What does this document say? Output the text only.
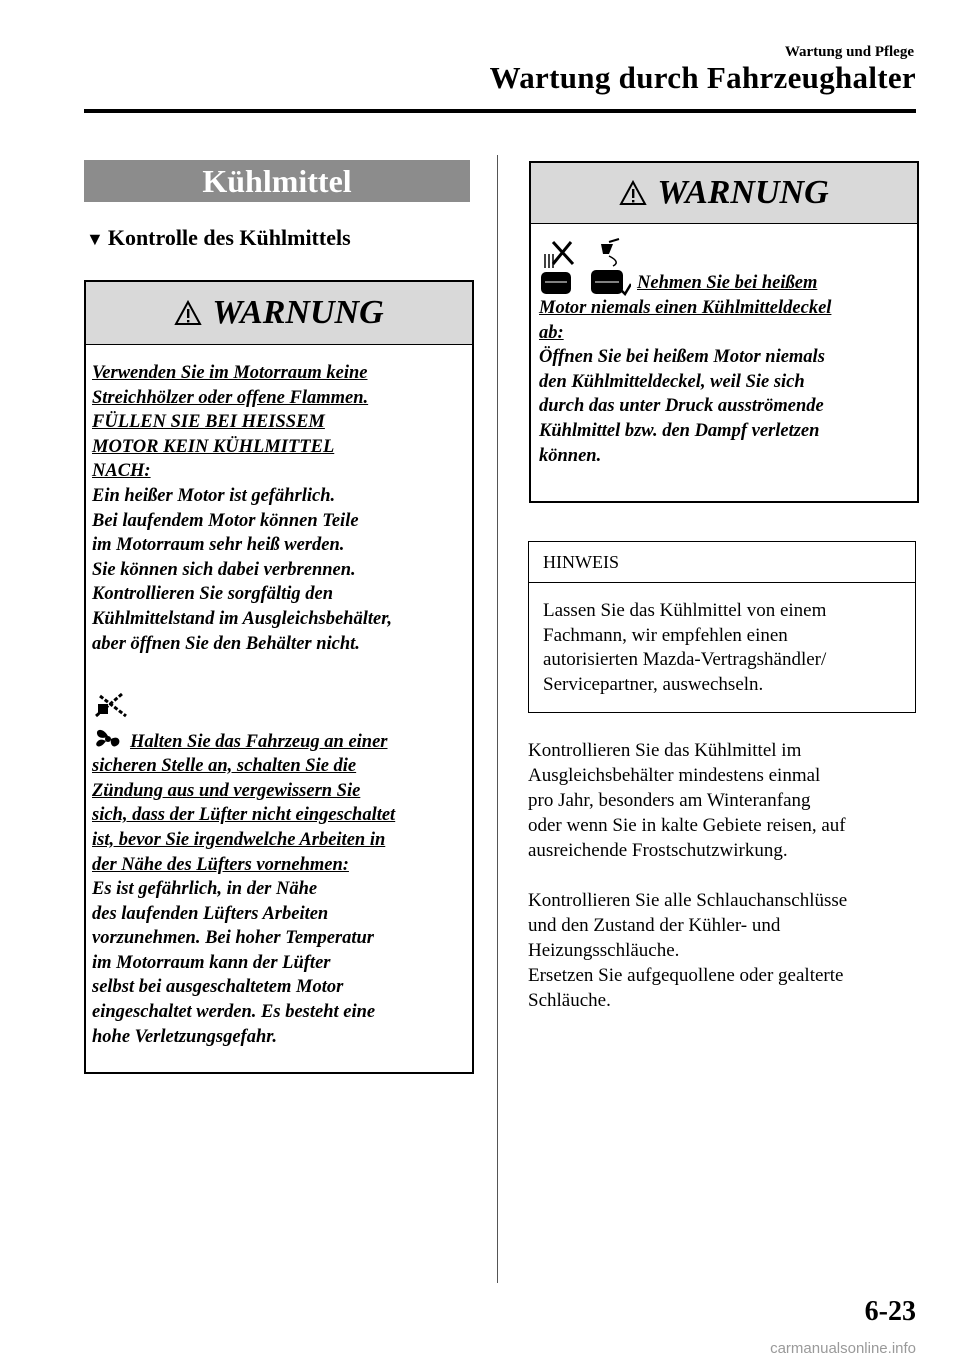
Wartung und Pflege
Wartung durch Fahrzeughalter
Kühlmittel
▼ Kontrolle des Kühlmittels
WARNUNG
Verwenden Sie im Motorraum keine
Streichhölzer oder offene Flammen.
FÜLLEN SIE BEI HEISSEM
MOTOR KEIN KÜHLMITTEL
NACH:
Ein heißer Motor ist gefährlich.
Bei laufendem Motor können Teile
im Motorraum sehr heiß werden.
Sie können sich dabei verbrennen.
Kontrollieren Sie sorgfältig den
Kühlmittelstand im Ausgleichsbehälter,
aber öffnen Sie den Behälter nicht.
Halten Sie das Fahrzeug an einer
sicheren Stelle an, schalten Sie die
Zündung aus und vergewissern Sie
sich, dass der Lüfter nicht eingeschaltet
ist, bevor Sie irgendwelche Arbeiten in
der Nähe des Lüfters vornehmen:
Es ist gefährlich, in der Nähe
des laufenden Lüfters Arbeiten
vorzunehmen. Bei hoher Temperatur
im Motorraum kann der Lüfter
selbst bei ausgeschaltetem Motor
eingeschaltet werden. Es besteht eine
hohe Verletzungsgefahr.
WARNUNG
Nehmen Sie bei heißem
Motor niemals einen Kühlmitteldeckel
ab:
Öffnen Sie bei heißem Motor niemals
den Kühlmitteldeckel, weil Sie sich
durch das unter Druck ausströmende
Kühlmittel bzw. den Dampf verletzen
können.
HINWEIS
Lassen Sie das Kühlmittel von einem
Fachmann, wir empfehlen einen
autorisierten Mazda-Vertragshändler/
Servicepartner, auswechseln.
Kontrollieren Sie das Kühlmittel im
Ausgleichsbehälter mindestens einmal
pro Jahr, besonders am Winteranfang
oder wenn Sie in kalte Gebiete reisen, auf
ausreichende Frostschutzwirkung.
Kontrollieren Sie alle Schlauchanschlüsse
und den Zustand der Kühler- und
Heizungsschläuche.
Ersetzen Sie aufgequollene oder gealterte
Schläuche.
6-23
carmanualsonline.info
